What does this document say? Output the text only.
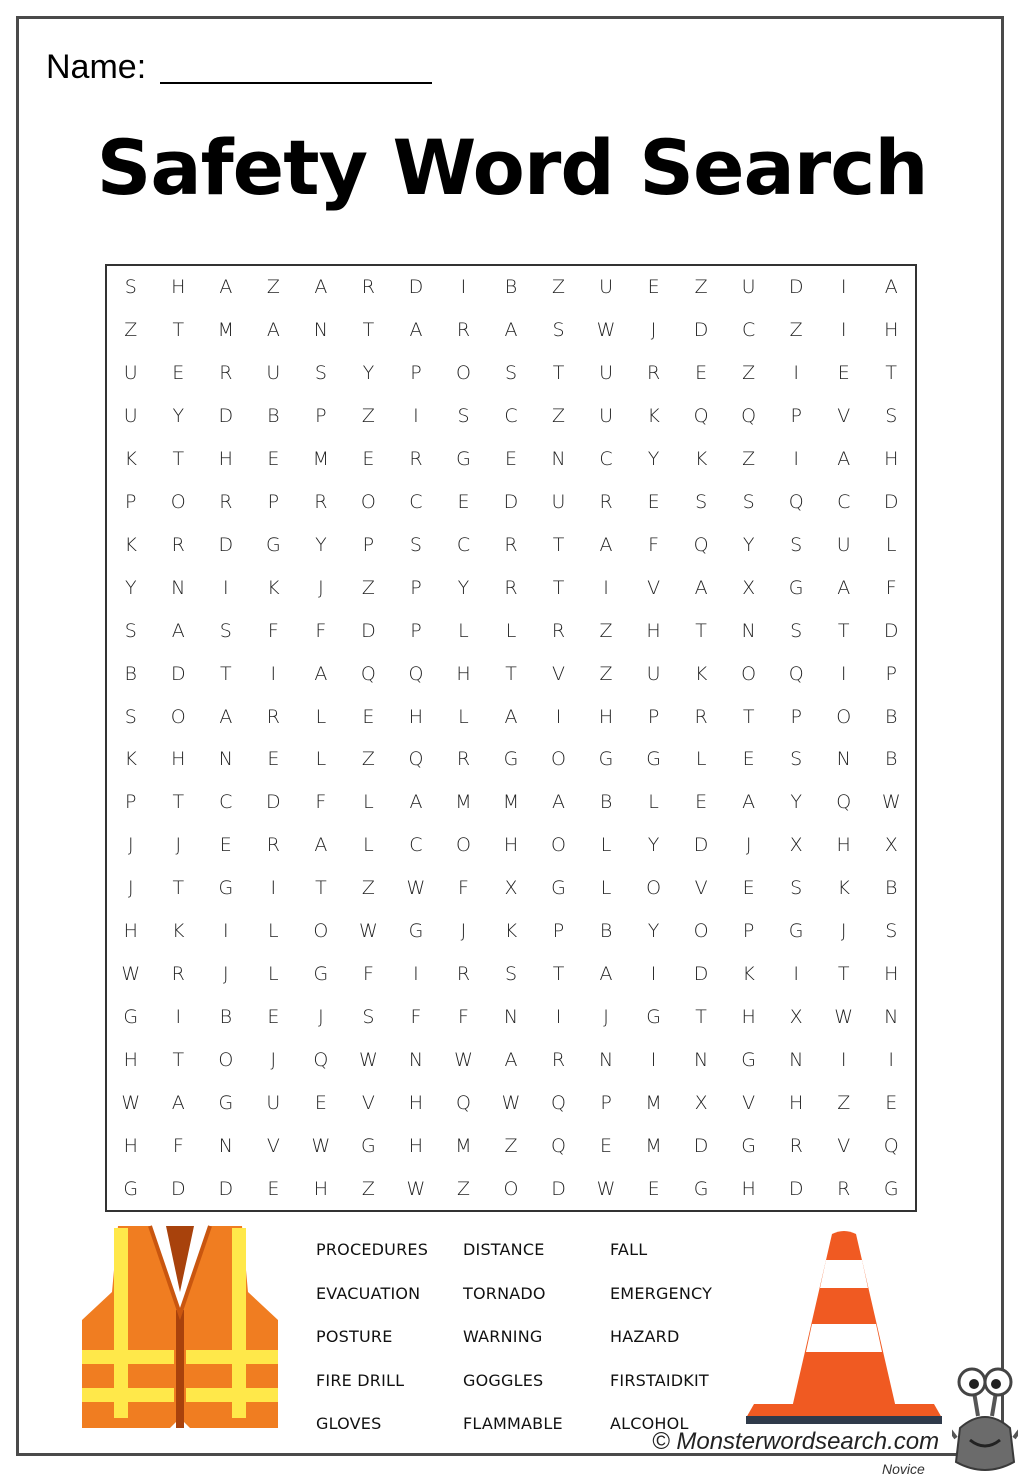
Name:
Safety Word Search
S	H	A	Z	A	R	D	I	B	Z	U	E	Z	U	D	I	A
Z	T	M	A	N	T	A	R	A	S	W	J	D	C	Z	I	H
U	E	R	U	S	Y	P	O	S	T	U	R	E	Z	I	E	T
U	Y	D	B	P	Z	I	S	C	Z	U	K	Q	Q	P	V	S
K	T	H	E	M	E	R	G	E	N	C	Y	K	Z	I	A	H
P	O	R	P	R	O	C	E	D	U	R	E	S	S	Q	C	D
K	R	D	G	Y	P	S	C	R	T	A	F	Q	Y	S	U	L
Y	N	I	K	J	Z	P	Y	R	T	I	V	A	X	G	A	F
S	A	S	F	F	D	P	L	L	R	Z	H	T	N	S	T	D
B	D	T	I	A	Q	Q	H	T	V	Z	U	K	O	Q	I	P
S	O	A	R	L	E	H	L	A	I	H	P	R	T	P	O	B
K	H	N	E	L	Z	Q	R	G	O	G	G	L	E	S	N	B
P	T	C	D	F	L	A	M	M	A	B	L	E	A	Y	Q	W
J	J	E	R	A	L	C	O	H	O	L	Y	D	J	X	H	X
J	T	G	I	T	Z	W	F	X	G	L	O	V	E	S	K	B
H	K	I	L	O	W	G	J	K	P	B	Y	O	P	G	J	S
W	R	J	L	G	F	I	R	S	T	A	I	D	K	I	T	H
G	I	B	E	J	S	F	F	N	I	J	G	T	H	X	W	N
H	T	O	J	Q	W	N	W	A	R	N	I	N	G	N	I	I
W	A	G	U	E	V	H	Q	W	Q	P	M	X	V	H	Z	E
H	F	N	V	W	G	H	M	Z	Q	E	M	D	G	R	V	Q
G	D	D	E	H	Z	W	Z	O	D	W	E	G	H	D	R	G
PROCEDURES	DISTANCE	FALL
EVACUATION	TORNADO	EMERGENCY
POSTURE	WARNING	HAZARD
FIRE DRILL	GOGGLES	FIRSTAIDKIT
GLOVES	FLAMMABLE	ALCOHOL
© Monsterwordsearch.com
Novice
